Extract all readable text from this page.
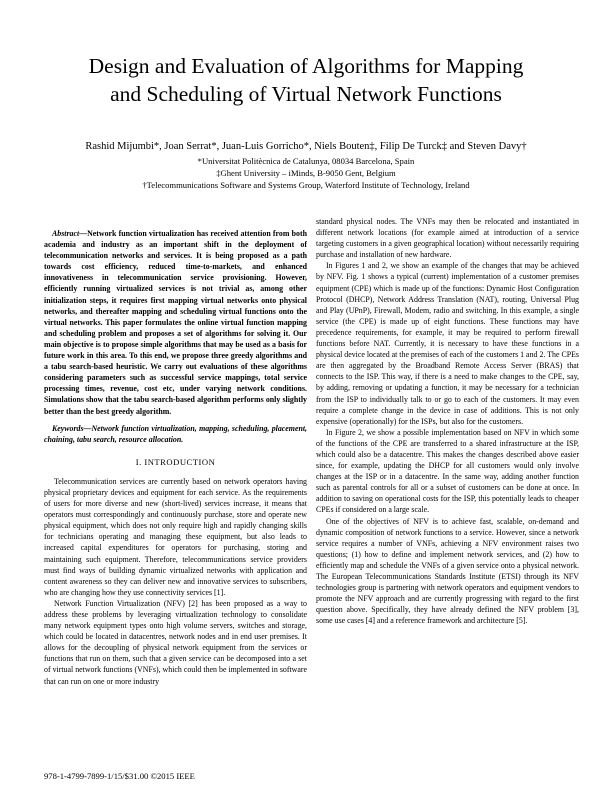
Design and Evaluation of Algorithms for Mapping
and Scheduling of Virtual Network Functions
Rashid Mijumbi*, Joan Serrat*, Juan-Luis Gorricho*, Niels Bouten‡, Filip De Turck‡ and Steven Davy†
*Universitat Politècnica de Catalunya, 08034 Barcelona, Spain
‡Ghent University – iMinds, B-9050 Gent, Belgium
†Telecommunications Software and Systems Group, Waterford Institute of Technology, Ireland

Abstract—Network function virtualization has received attention from both academia and industry as an important shift in the deployment of telecommunication networks and services. It is being proposed as a path towards cost efficiency, reduced time-to-markets, and enhanced innovativeness in telecommunication service provisioning. However, efficiently running virtualized services is not trivial as, among other initialization steps, it requires first mapping virtual networks onto physical networks, and thereafter mapping and scheduling virtual functions onto the virtual networks. This paper formulates the online virtual function mapping and scheduling problem and proposes a set of algorithms for solving it. Our main objective is to propose simple algorithms that may be used as a basis for future work in this area. To this end, we propose three greedy algorithms and a tabu search-based heuristic. We carry out evaluations of these algorithms considering parameters such as successful service mappings, total service processing times, revenue, cost etc, under varying network conditions. Simulations show that the tabu search-based algorithm performs only slightly better than the best greedy algorithm.

Keywords—Network function virtualization, mapping, scheduling, placement, chaining, tabu search, resource allocation.

I. INTRODUCTION

Telecommunication services are currently based on network operators having physical proprietary devices and equipment for each service. As the requirements of users for more diverse and new (short-lived) services increase, it means that operators must correspondingly and continuously purchase, store and operate new physical equipment, which does not only require high and rapidly changing skills for technicians operating and managing these equipment, but also leads to increased capital expenditures for operators for purchasing, storing and maintaining such equipment. Therefore, telecommunications service providers must find ways of building dynamic virtualized networks with application and content awareness so they can deliver new and innovative services to subscribers, who are changing how they use connectivity services [1].

Network Function Virtualization (NFV) [2] has been proposed as a way to address these problems by leveraging virtualization technology to consolidate many network equipment types onto high volume servers, switches and storage, which could be located in datacentres, network nodes and in end user premises. It allows for the decoupling of physical network equipment from the services or functions that run on them, such that a given service can be decomposed into a set of virtual network functions (VNFs), which could then be implemented in software that can run on one or more industry

standard physical nodes. The VNFs may then be relocated and instantiated in different network locations (for example aimed at introduction of a service targeting customers in a given geographical location) without necessarily requiring purchase and installation of new hardware.

In Figures 1 and 2, we show an example of the changes that may be achieved by NFV. Fig. 1 shows a typical (current) implementation of a customer premises equipment (CPE) which is made up of the functions: Dynamic Host Configuration Protocol (DHCP), Network Address Translation (NAT), routing, Universal Plug and Play (UPnP), Firewall, Modem, radio and switching. In this example, a single service (the CPE) is made up of eight functions. These functions may have precedence requirements, for example, it may be required to perform firewall functions before NAT. Currently, it is necessary to have these functions in a physical device located at the premises of each of the customers 1 and 2. The CPEs are then aggregated by the Broadband Remote Access Server (BRAS) that connects to the ISP. This way, if there is a need to make changes to the CPE, say, by adding, removing or updating a function, it may be necessary for a technician from the ISP to individually talk to or go to each of the customers. It may even require a complete change in the device in case of additions. This is not only expensive (operationally) for the ISPs, but also for the customers.

In Figure 2, we show a possible implementation based on NFV in which some of the functions of the CPE are transferred to a shared infrastructure at the ISP, which could also be a datacentre. This makes the changes described above easier since, for example, updating the DHCP for all customers would only involve changes at the ISP or in a datacentre. In the same way, adding another function such as parental controls for all or a subset of customers can be done at once. In addition to saving on operational costs for the ISP, this potentially leads to cheaper CPEs if considered on a large scale.

One of the objectives of NFV is to achieve fast, scalable, on-demand and dynamic composition of network functions to a service. However, since a network service requires a number of VNFs, achieving a NFV environment raises two questions; (1) how to define and implement network services, and (2) how to efficiently map and schedule the VNFs of a given service onto a physical network. The European Telecommunications Standards Institute (ETSI) through its NFV technologies group is partnering with network operators and equipment vendors to promote the NFV approach and are currently progressing with regard to the first question above. Specifically, they have already defined the NFV problem [3], some use cases [4] and a reference framework and architecture [5].

978-1-4799-7899-1/15/$31.00 ©2015 IEEE
